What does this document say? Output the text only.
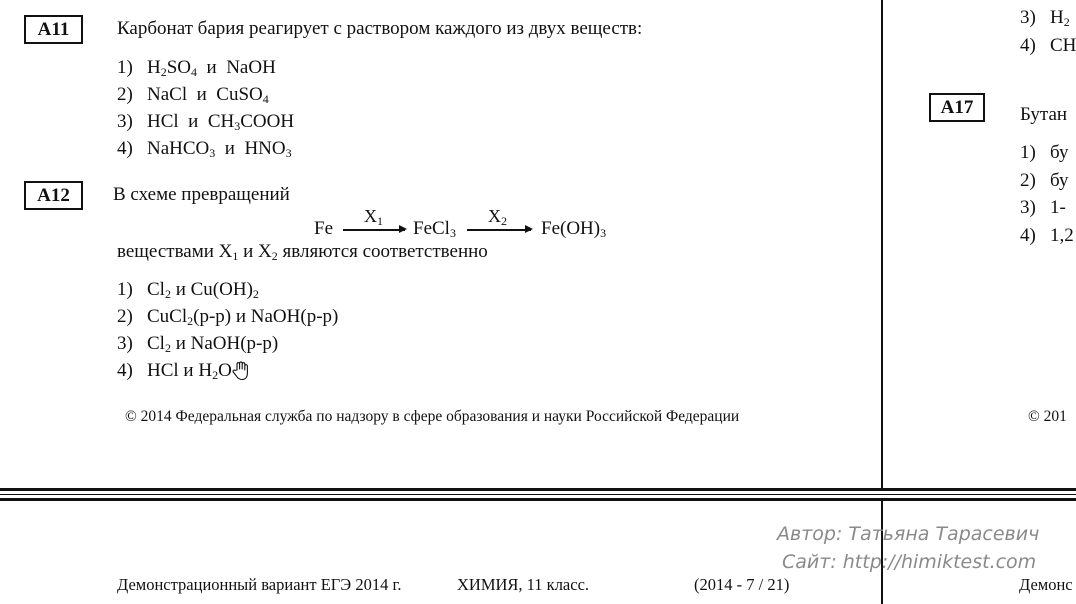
A11	Карбонат бария реагирует с раствором каждого из двух веществ:
1) $H_2SO_4$  и  NaOH
2) NaCl  и  CuSO$_4$
3) HCl  и  $CH_3COOH$
4) NaHCO$_3$  и  $HNO_3$
A12	В схеме превращений
Fe
$X_1$ FeCl$_3$
$X_2$ $Fe(OH)_3$
веществами $X_1$ и $X_2$ являются соответственно
1) $Cl_2$ и $Cu(OH)_2$
2) CuCl$_2$(р-р) и NaOH(р-р)
3) $Cl_2$ и NaOH(р-р)
4) HCl и $H_2O$
© 2014 Федеральная служба по надзору в сфере образования и науки Российской Федерации
3) $H_2$
4) CH
А17	Бутан
1) бу
2) бу
3) 1-
4) 1,2
© 201
Демонстрационный вариант ЕГЭ 2014 г.	ХИМИЯ, 11 класс.	(2014 - 7 / 21)	Демонс
Автор: Татьяна Тарасевич
Сайт: http://himiktest.com
